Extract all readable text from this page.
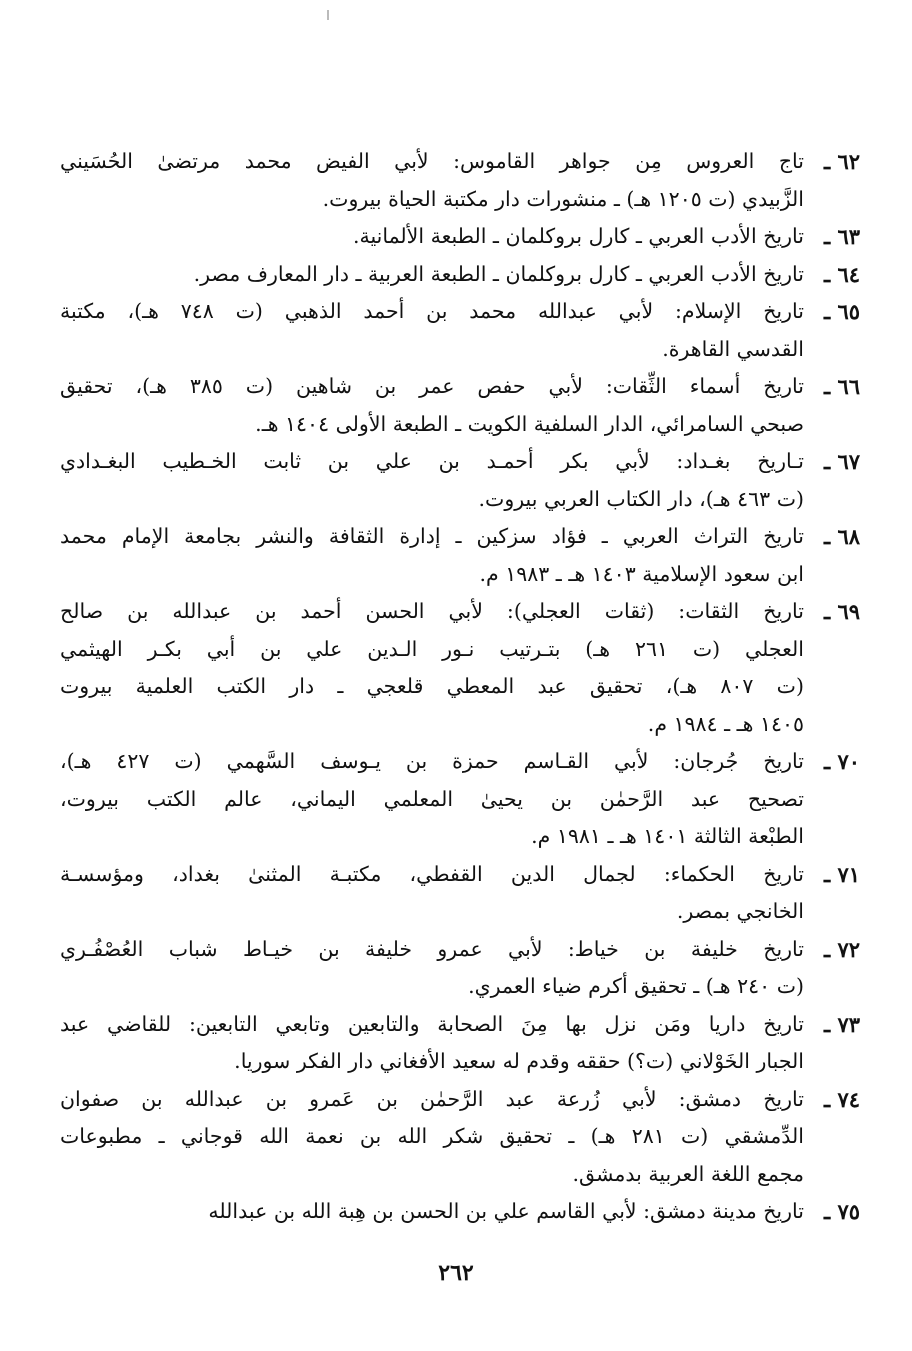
٦٢ ـ
تاج العروس مِن جواهر القاموس: لأبي الفيض محمد مرتضىٰ الحُسَيني
الزَّبيدي (ت ١٢٠٥ هـ) ـ منشورات دار مكتبة الحياة بيروت.
٦٣ ـ
تاريخ الأدب العربي ـ كارل بروكلمان ـ الطبعة الألمانية.
٦٤ ـ
تاريخ الأدب العربي ـ كارل بروكلمان ـ الطبعة العربية ـ دار المعارف مصر.
٦٥ ـ
تاريخ الإسلام: لأبي عبدالله محمد بن أحمد الذهبي (ت ٧٤٨ هـ)، مكتبة
القدسي القاهرة.
٦٦ ـ
تاريخ أسماء الثِّقات: لأبي حفص عمر بن شاهين (ت ٣٨٥ هـ)، تحقيق
صبحي السامرائي، الدار السلفية الكويت ـ الطبعة الأولى ١٤٠٤ هـ.
٦٧ ـ
تـاريخ بغـداد: لأبي بكر أحمـد بن علي بن ثابت الخـطيب البغـدادي
(ت ٤٦٣ هـ)، دار الكتاب العربي بيروت.
٦٨ ـ
تاريخ التراث العربي ـ فؤاد سزكين ـ إدارة الثقافة والنشر بجامعة الإمام محمد
ابن سعود الإسلامية ١٤٠٣ هـ ـ ١٩٨٣ م.
٦٩ ـ
تاريخ الثقات: (ثقات العجلي): لأبي الحسن أحمد بن عبدالله بن صالح
العجلي (ت ٢٦١ هـ) بتـرتيب نـور الـدين علي بن أبي بكـر الهيثمي
(ت ٨٠٧ هـ)، تحقيق عبد المعطي قلعجي ـ دار الكتب العلمية بيروت
١٤٠٥ هـ ـ ١٩٨٤ م.
٧٠ ـ
تاريخ جُرجان: لأبي القـاسم حمزة بن يـوسف السَّهمي (ت ٤٢٧ هـ)،
تصحيح عبد الرَّحمٰن بن يحيىٰ المعلمي اليماني، عالم الكتب بيروت،
الطبْعة الثالثة ١٤٠١ هـ ـ ١٩٨١ م.
٧١ ـ
تاريخ الحكماء: لجمال الدين القفطي، مكتبـة المثنىٰ بغداد، ومؤسسـة
الخانجي بمصر.
٧٢ ـ
تاريخ خليفة بن خياط: لأبي عمرو خليفة بن خيـاط شباب العُصْفُـري
(ت ٢٤٠ هـ) ـ تحقيق أكرم ضياء العمري.
٧٣ ـ
تاريخ داريا ومَن نزل بها مِنَ الصحابة والتابعين وتابعي التابعين: للقاضي عبد
الجبار الخَوْلاني (ت؟) حققه وقدم له سعيد الأفغاني دار الفكر سوريا.
٧٤ ـ
تاريخ دمشق: لأبي زُرعة عبد الرَّحمٰن بن عَمرو بن عبدالله بن صفوان
الدِّمشقي (ت ٢٨١ هـ) ـ تحقيق شكر الله بن نعمة الله قوجاني ـ مطبوعات
مجمع اللغة العربية بدمشق.
٧٥ ـ
تاريخ مدينة دمشق: لأبي القاسم علي بن الحسن بن هِبة الله بن عبدالله
٢٦٢
